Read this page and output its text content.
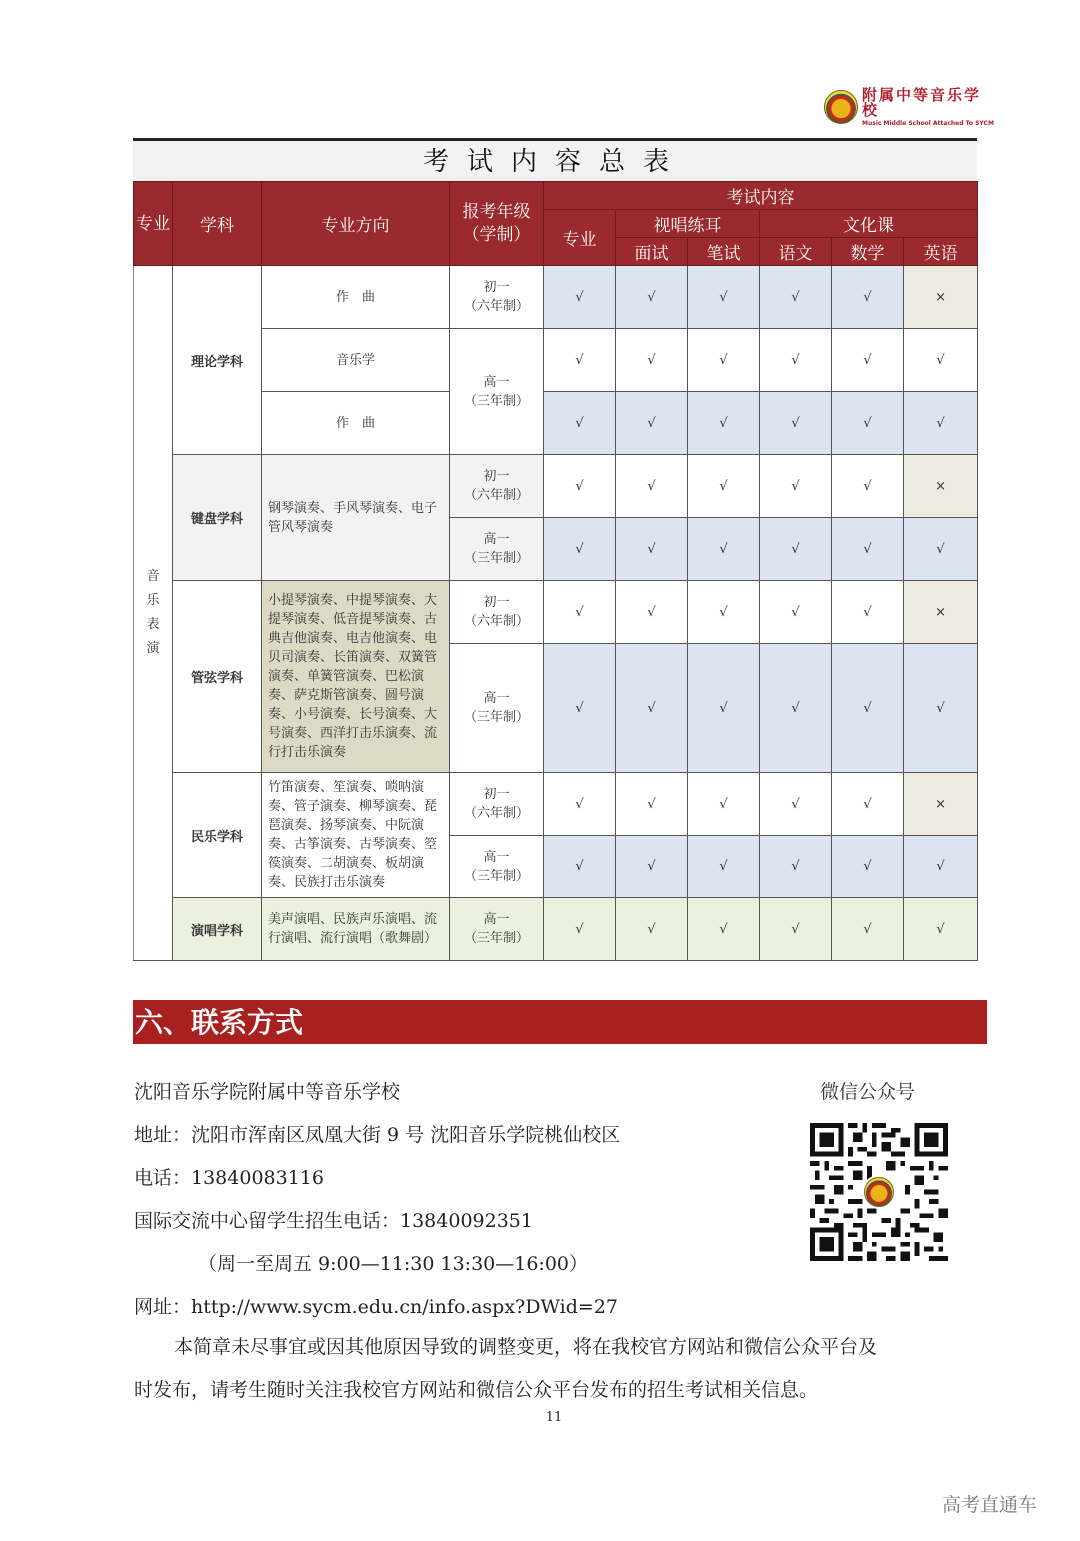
附属中等音乐学校
Music Middle School Attached To SYCM
考试内容总表
专业	学科	专业方向	报考年级
（学制）	考试内容					
				专业	视唱练耳		文化课		
					面试	笔试	语文	数学	英语

音乐表演	理论学科	作　曲	初一
（六年制）	√	√	√	√	√	×
		音乐学	高一
（三年制）	√	√	√	√	√	√
		作　曲		√	√	√	√	√	√
	键盘学科	钢琴演奏、手风琴演奏、电子管风琴演奏	初一
（六年制）	√	√	√	√	√	×

			高一
（三年制）	√	√	√	√	√	√
	管弦学科	小提琴演奏、中提琴演奏、大提琴演奏、低音提琴演奏、古典吉他演奏、电吉他演奏、电贝司演奏、长笛演奏、双簧管演奏、单簧管演奏、巴松演奏、萨克斯管演奏、圆号演奏、小号演奏、长号演奏、大号演奏、西洋打击乐演奏、流行打击乐演奏	初一
（六年制）	√	√	√	√	√	×

			高一
（三年制）	√	√	√	√	√	√
	民乐学科	竹笛演奏、笙演奏、唢呐演奏、管子演奏、柳琴演奏、琵琶演奏、扬琴演奏、中阮演奏、古筝演奏、古琴演奏、箜篌演奏、二胡演奏、板胡演奏、民族打击乐演奏	初一
（六年制）	√	√	√	√	√	×

			高一
（三年制）	√	√	√	√	√	√
	演唱学科	美声演唱、民族声乐演唱、流行演唱、流行演唱（歌舞剧）	高一
（三年制）	√	√	√	√	√	√
六、联系方式
沈阳音乐学院附属中等音乐学校
地址：沈阳市浑南区凤凰大街 9 号 沈阳音乐学院桃仙校区
电话：13840083116
国际交流中心留学生招生电话：13840092351
（周一至周五 9:00—11:30 13:30—16:00）
网址：http://www.sycm.edu.cn/info.aspx?DWid=27
微信公众号
本简章未尽事宜或因其他原因导致的调整变更，将在我校官方网站和微信公众平台及
时发布，请考生随时关注我校官方网站和微信公众平台发布的招生考试相关信息。
11
高考直通车
